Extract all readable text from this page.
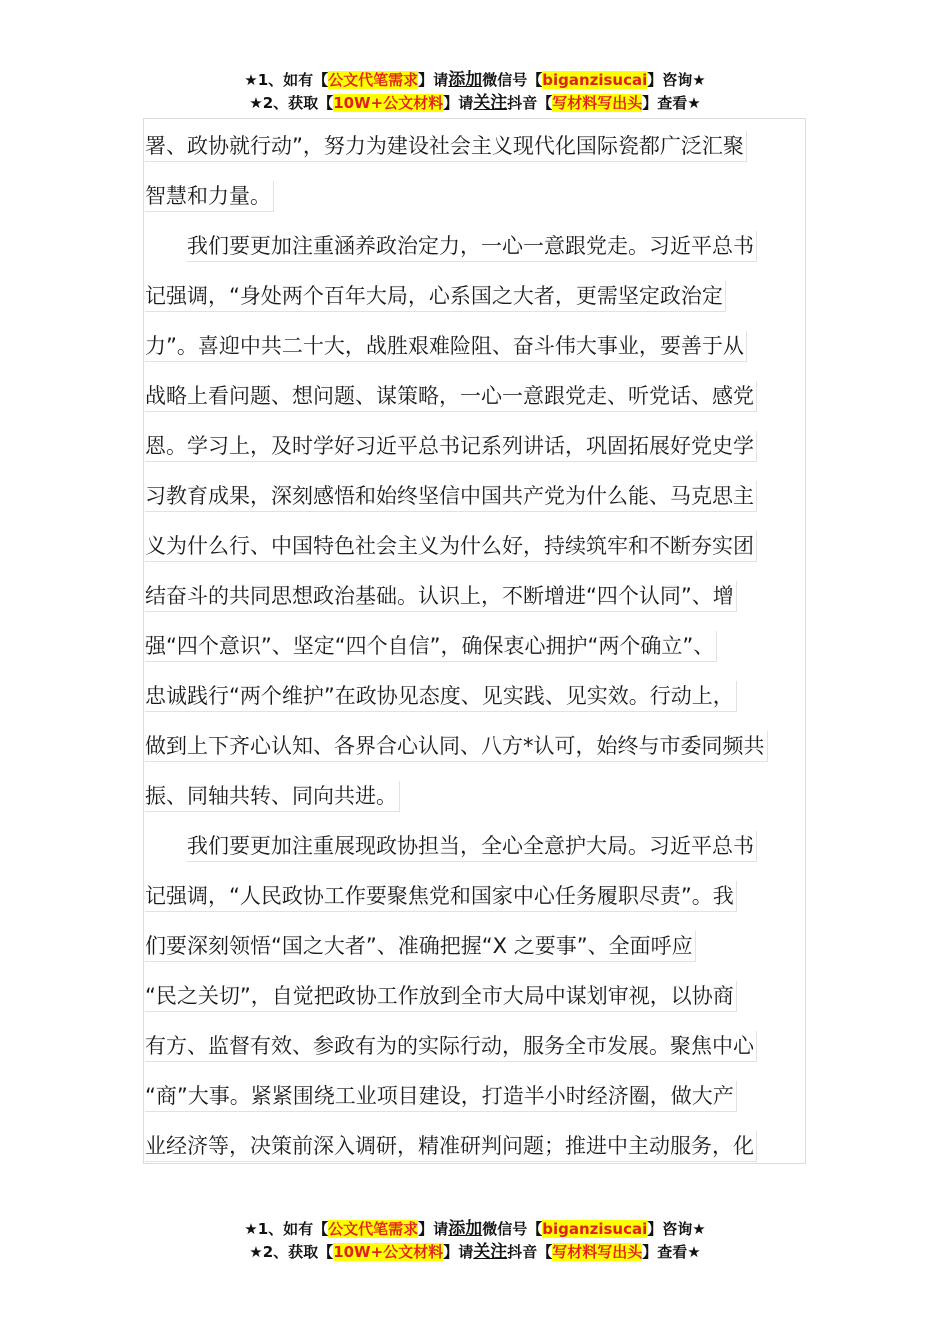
★1、如有【公文代笔需求】请添加微信号【biganzisucai】咨询★
★2、获取【10W+公文材料】请关注抖音【写材料写出头】查看★
署、政协就行动”，努力为建设社会主义现代化国际瓷都广泛汇聚
智慧和力量。
我们要更加注重涵养政治定力，一心一意跟党走。习近平总书
记强调，“身处两个百年大局，心系国之大者，更需坚定政治定
力”。喜迎中共二十大，战胜艰难险阻、奋斗伟大事业，要善于从
战略上看问题、想问题、谋策略，一心一意跟党走、听党话、感党
恩。学习上，及时学好习近平总书记系列讲话，巩固拓展好党史学
习教育成果，深刻感悟和始终坚信中国共产党为什么能、马克思主
义为什么行、中国特色社会主义为什么好，持续筑牢和不断夯实团
结奋斗的共同思想政治基础。认识上，不断增进“四个认同”、增
强“四个意识”、坚定“四个自信”，确保衷心拥护“两个确立”、
忠诚践行“两个维护”在政协见态度、见实践、见实效。行动上，
做到上下齐心认知、各界合心认同、八方*认可，始终与市委同频共
振、同轴共转、同向共进。
我们要更加注重展现政协担当，全心全意护大局。习近平总书
记强调，“人民政协工作要聚焦党和国家中心任务履职尽责”。我
们要深刻领悟“国之大者”、准确把握“X 之要事”、全面呼应
“民之关切”，自觉把政协工作放到全市大局中谋划审视，以协商
有方、监督有效、参政有为的实际行动，服务全市发展。聚焦中心
“商”大事。紧紧围绕工业项目建设，打造半小时经济圈，做大产
业经济等，决策前深入调研，精准研判问题；推进中主动服务，化
★1、如有【公文代笔需求】请添加微信号【biganzisucai】咨询★
★2、获取【10W+公文材料】请关注抖音【写材料写出头】查看★
